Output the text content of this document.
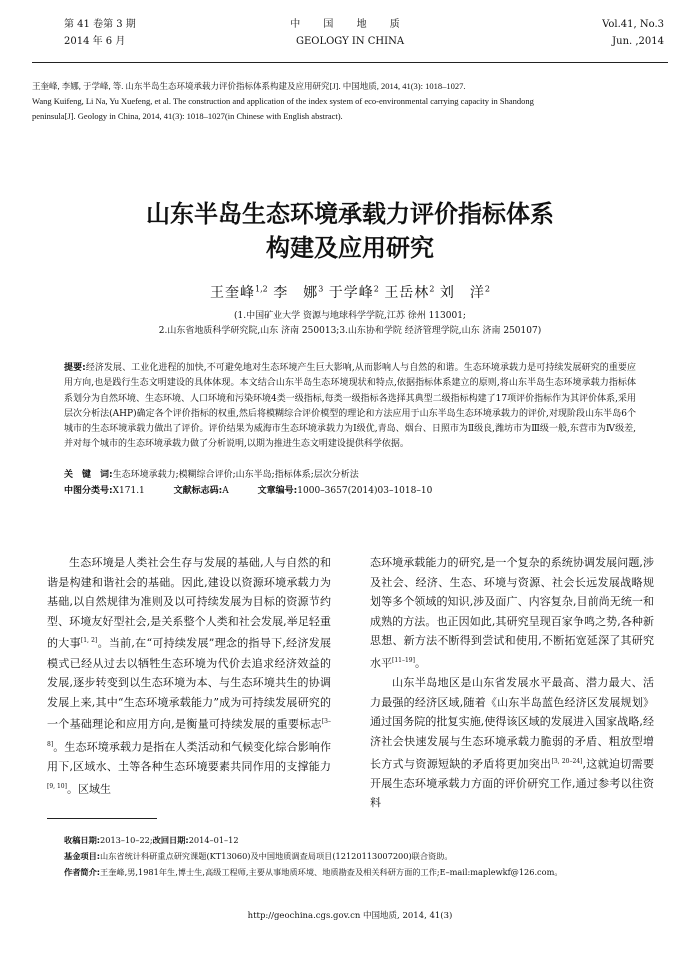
第 41 卷第 3 期
2014 年 6 月
中 国 地 质
GEOLOGY IN CHINA
Vol.41, No.3
Jun. ,2014

王奎峰, 李娜, 于学峰, 等. 山东半岛生态环境承载力评价指标体系构建及应用研究[J]. 中国地质, 2014, 41(3): 1018–1027.

Wang Kuifeng, Li Na, Yu Xuefeng, et al. The construction and application of the index system of eco-environmental carrying capacity in Shandong

peninsula[J]. Geology in China, 2014, 41(3): 1018–1027(in Chinese with English abstract).

山东半岛生态环境承载力评价指标体系
构建及应用研究
王奎峰$^{1,2}$ 李　娜$^3$ 于学峰$^2$ 王岳林$^2$ 刘　洋$^2$
(1.中国矿业大学 资源与地球科学学院,江苏 徐州 113001;
2.山东省地质科学研究院,山东 济南 250013;3.山东协和学院 经济管理学院,山东 济南 250107)
提要:经济发展、工业化进程的加快,不可避免地对生态环境产生巨大影响,从而影响人与自然的和谐。生态环境承载力是可持续发展研究的重要应用方向,也是践行生态文明建设的具体体现。本文结合山东半岛生态环境现状和特点,依据指标体系建立的原则,将山东半岛生态环境承载力指标体系划分为自然环境、生态环境、人口环境和污染环境4类一级指标,每类一级指标各选择其典型二级指标构建了17项评价指标作为其评价体系,采用层次分析法(AHP)确定各个评价指标的权重,然后将模糊综合评价模型的理论和方法应用于山东半岛生态环境承载力的评价,对现阶段山东半岛6个城市的生态环境承载力做出了评价。评价结果为威海市生态环境承载力为Ⅰ级优,青岛、烟台、日照市为Ⅱ级良,潍坊市为Ⅲ级一般,东营市为Ⅳ级差,并对每个城市的生态环境承载力做了分析说明,以期为推进生态文明建设提供科学依据。
关　键　词:生态环境承载力;模糊综合评价;山东半岛;指标体系;层次分析法
中图分类号:X171.1	文献标志码:A	文章编号:1000–3657(2014)03–1018–10

生态环境是人类社会生存与发展的基础,人与自然的和谐是构建和谐社会的基础。因此,建设以资源环境承载力为基础,以自然规律为准则及以可持续发展为目标的资源节约型、环境友好型社会,是关系整个人类和社会发展,举足轻重的大事[1, 2]。当前,在“可持续发展”理念的指导下,经济发展模式已经从过去以牺牲生态环境为代价去追求经济效益的发展,逐步转变到以生态环境为本、与生态环境共生的协调发展上来,其中“生态环境承载能力”成为可持续发展研究的一个基础理论和应用方向,是衡量可持续发展的重要标志[3–8]。生态环境承载力是指在人类活动和气候变化综合影响作用下,区域水、土等各种生态环境要素共同作用的支撑能力[9, 10]。区域生

态环境承载能力的研究,是一个复杂的系统协调发展问题,涉及社会、经济、生态、环境与资源、社会长远发展战略规划等多个领域的知识,涉及面广、内容复杂,目前尚无统一和成熟的方法。也正因如此,其研究呈现百家争鸣之势,各种新思想、新方法不断得到尝试和使用,不断拓宽延深了其研究水平[11–19]。

山东半岛地区是山东省发展水平最高、潜力最大、活力最强的经济区域,随着《山东半岛蓝色经济区发展规划》通过国务院的批复实施,使得该区域的发展进入国家战略,经济社会快速发展与生态环境承载力脆弱的矛盾、粗放型增长方式与资源短缺的矛盾将更加突出[3, 20–24],这就迫切需要开展生态环境承载力方面的评价研究工作,通过参考以往资料

收稿日期:2013–10–22;改回日期:2014–01–12
基金项目:山东省统计科研重点研究课题(KT13060)及中国地质调查局项目(12120113007200)联合资助。
作者简介:王奎峰,男,1981年生,博士生,高级工程师,主要从事地质环境、地质勘查及相关科研方面的工作;E–mail:maplewkf@126.com。
http://geochina.cgs.gov.cn 中国地质, 2014, 41(3)
